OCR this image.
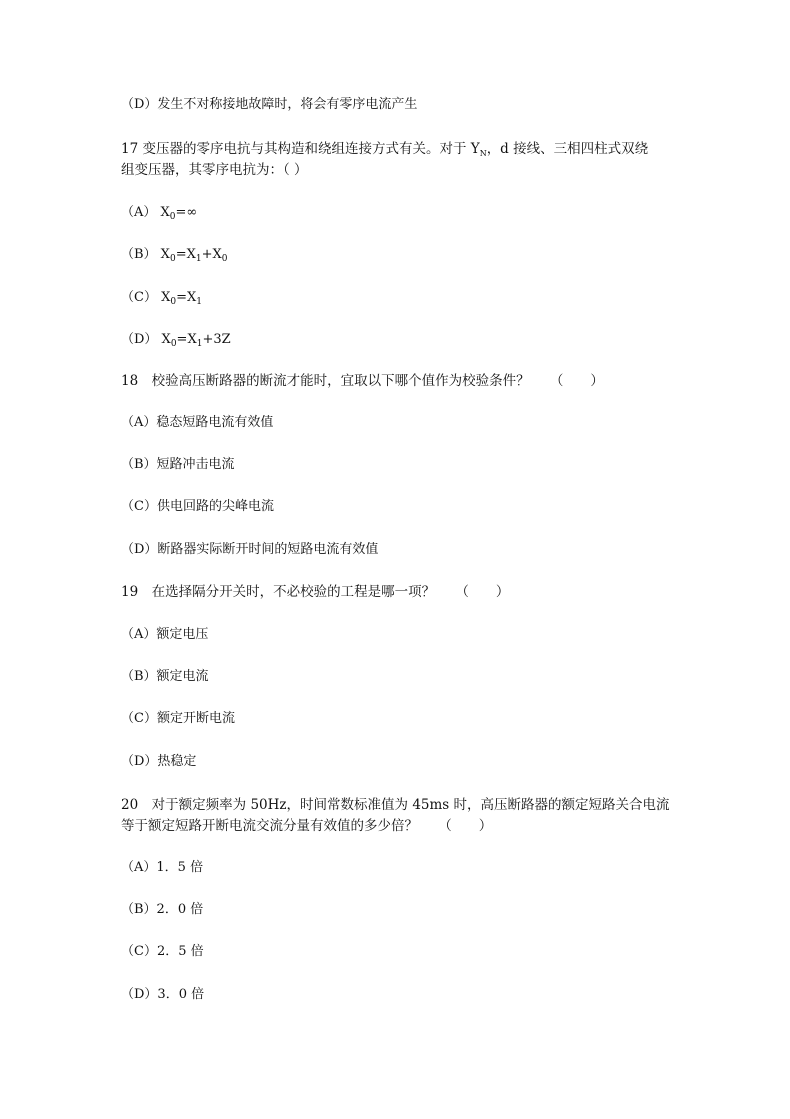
（D）发生不对称接地故障时，将会有零序电流产生
17 变压器的零序电抗与其构造和绕组连接方式有关。对于 $Y_N$，d 接线、三相四柱式双绕
组变压器，其零序电抗为：（ ）
（A） $X_0=\infty$
（B） $X_0=X_1+X_0$
（C） $X_0=X_1$
（D） $X_0=X_1+3Z$
18　校验高压断路器的断流才能时，宜取以下哪个值作为校验条件？　　（　　）
（A）稳态短路电流有效值
（B）短路冲击电流
（C）供电回路的尖峰电流
（D）断路器实际断开时间的短路电流有效值
19　在选择隔分开关时，不必校验的工程是哪一项？　　（　　）
（A）额定电压
（B）额定电流
（C）额定开断电流
（D）热稳定
20　对于额定频率为 50Hz，时间常数标准值为 45ms 时，高压断路器的额定短路关合电流
等于额定短路开断电流交流分量有效值的多少倍？　　（　　）
（A）1．5 倍
（B）2．0 倍
（C）2．5 倍
（D）3．0 倍
